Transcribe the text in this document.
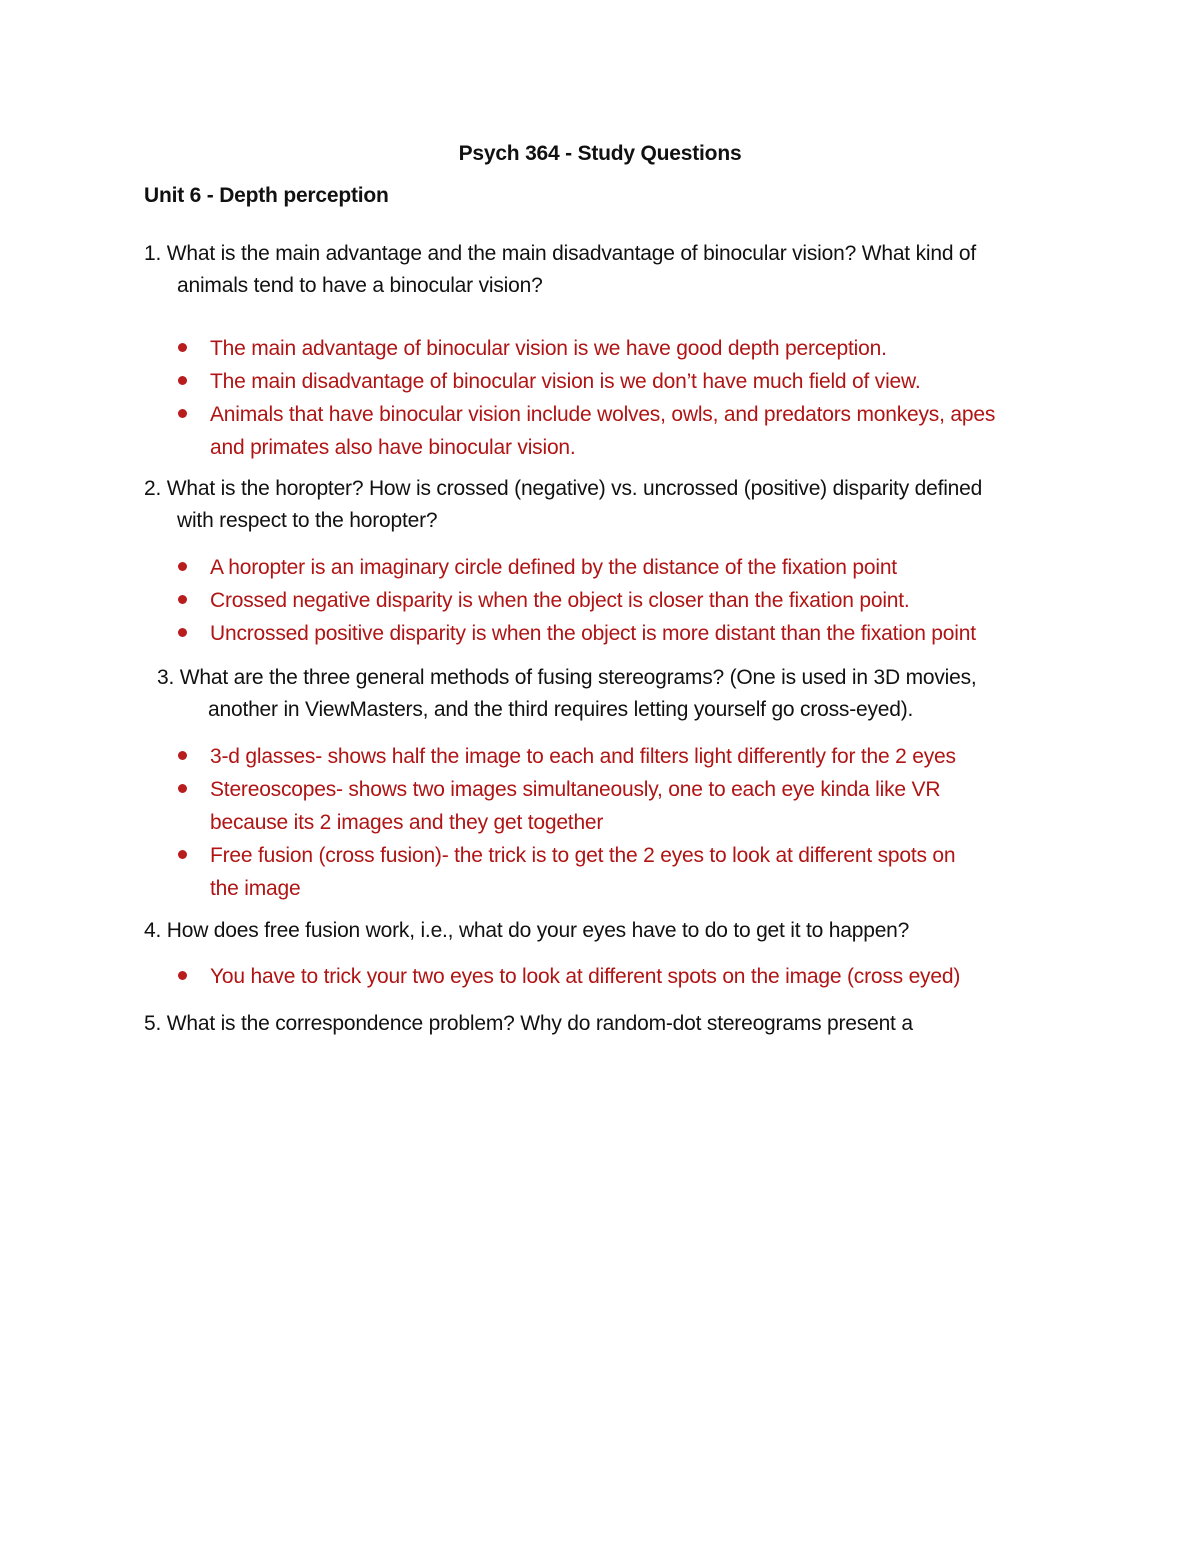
Psych 364 - Study Questions
Unit 6 - Depth perception
1. What is the main advantage and the main disadvantage of binocular vision? What kind of
animals tend to have a binocular vision?
The main advantage of binocular vision is we have good depth perception.
The main disadvantage of binocular vision is we don’t have much field of view.
Animals that have binocular vision include wolves, owls, and predators monkeys, apes
and primates also have binocular vision.
2. What is the horopter? How is crossed (negative) vs. uncrossed (positive) disparity defined
with respect to the horopter?
A horopter is an imaginary circle defined by the distance of the fixation point
Crossed negative disparity is when the object is closer than the fixation point.
Uncrossed positive disparity is when the object is more distant than the fixation point
3. What are the three general methods of fusing stereograms? (One is used in 3D movies,
another in ViewMasters, and the third requires letting yourself go cross-eyed).
3-d glasses- shows half the image to each and filters light differently for the 2 eyes
Stereoscopes- shows two images simultaneously, one to each eye kinda like VR
because its 2 images and they get together
Free fusion (cross fusion)- the trick is to get the 2 eyes to look at different spots on
the image
4. How does free fusion work, i.e., what do your eyes have to do to get it to happen?
You have to trick your two eyes to look at different spots on the image (cross eyed)
5. What is the correspondence problem? Why do random-dot stereograms present a
